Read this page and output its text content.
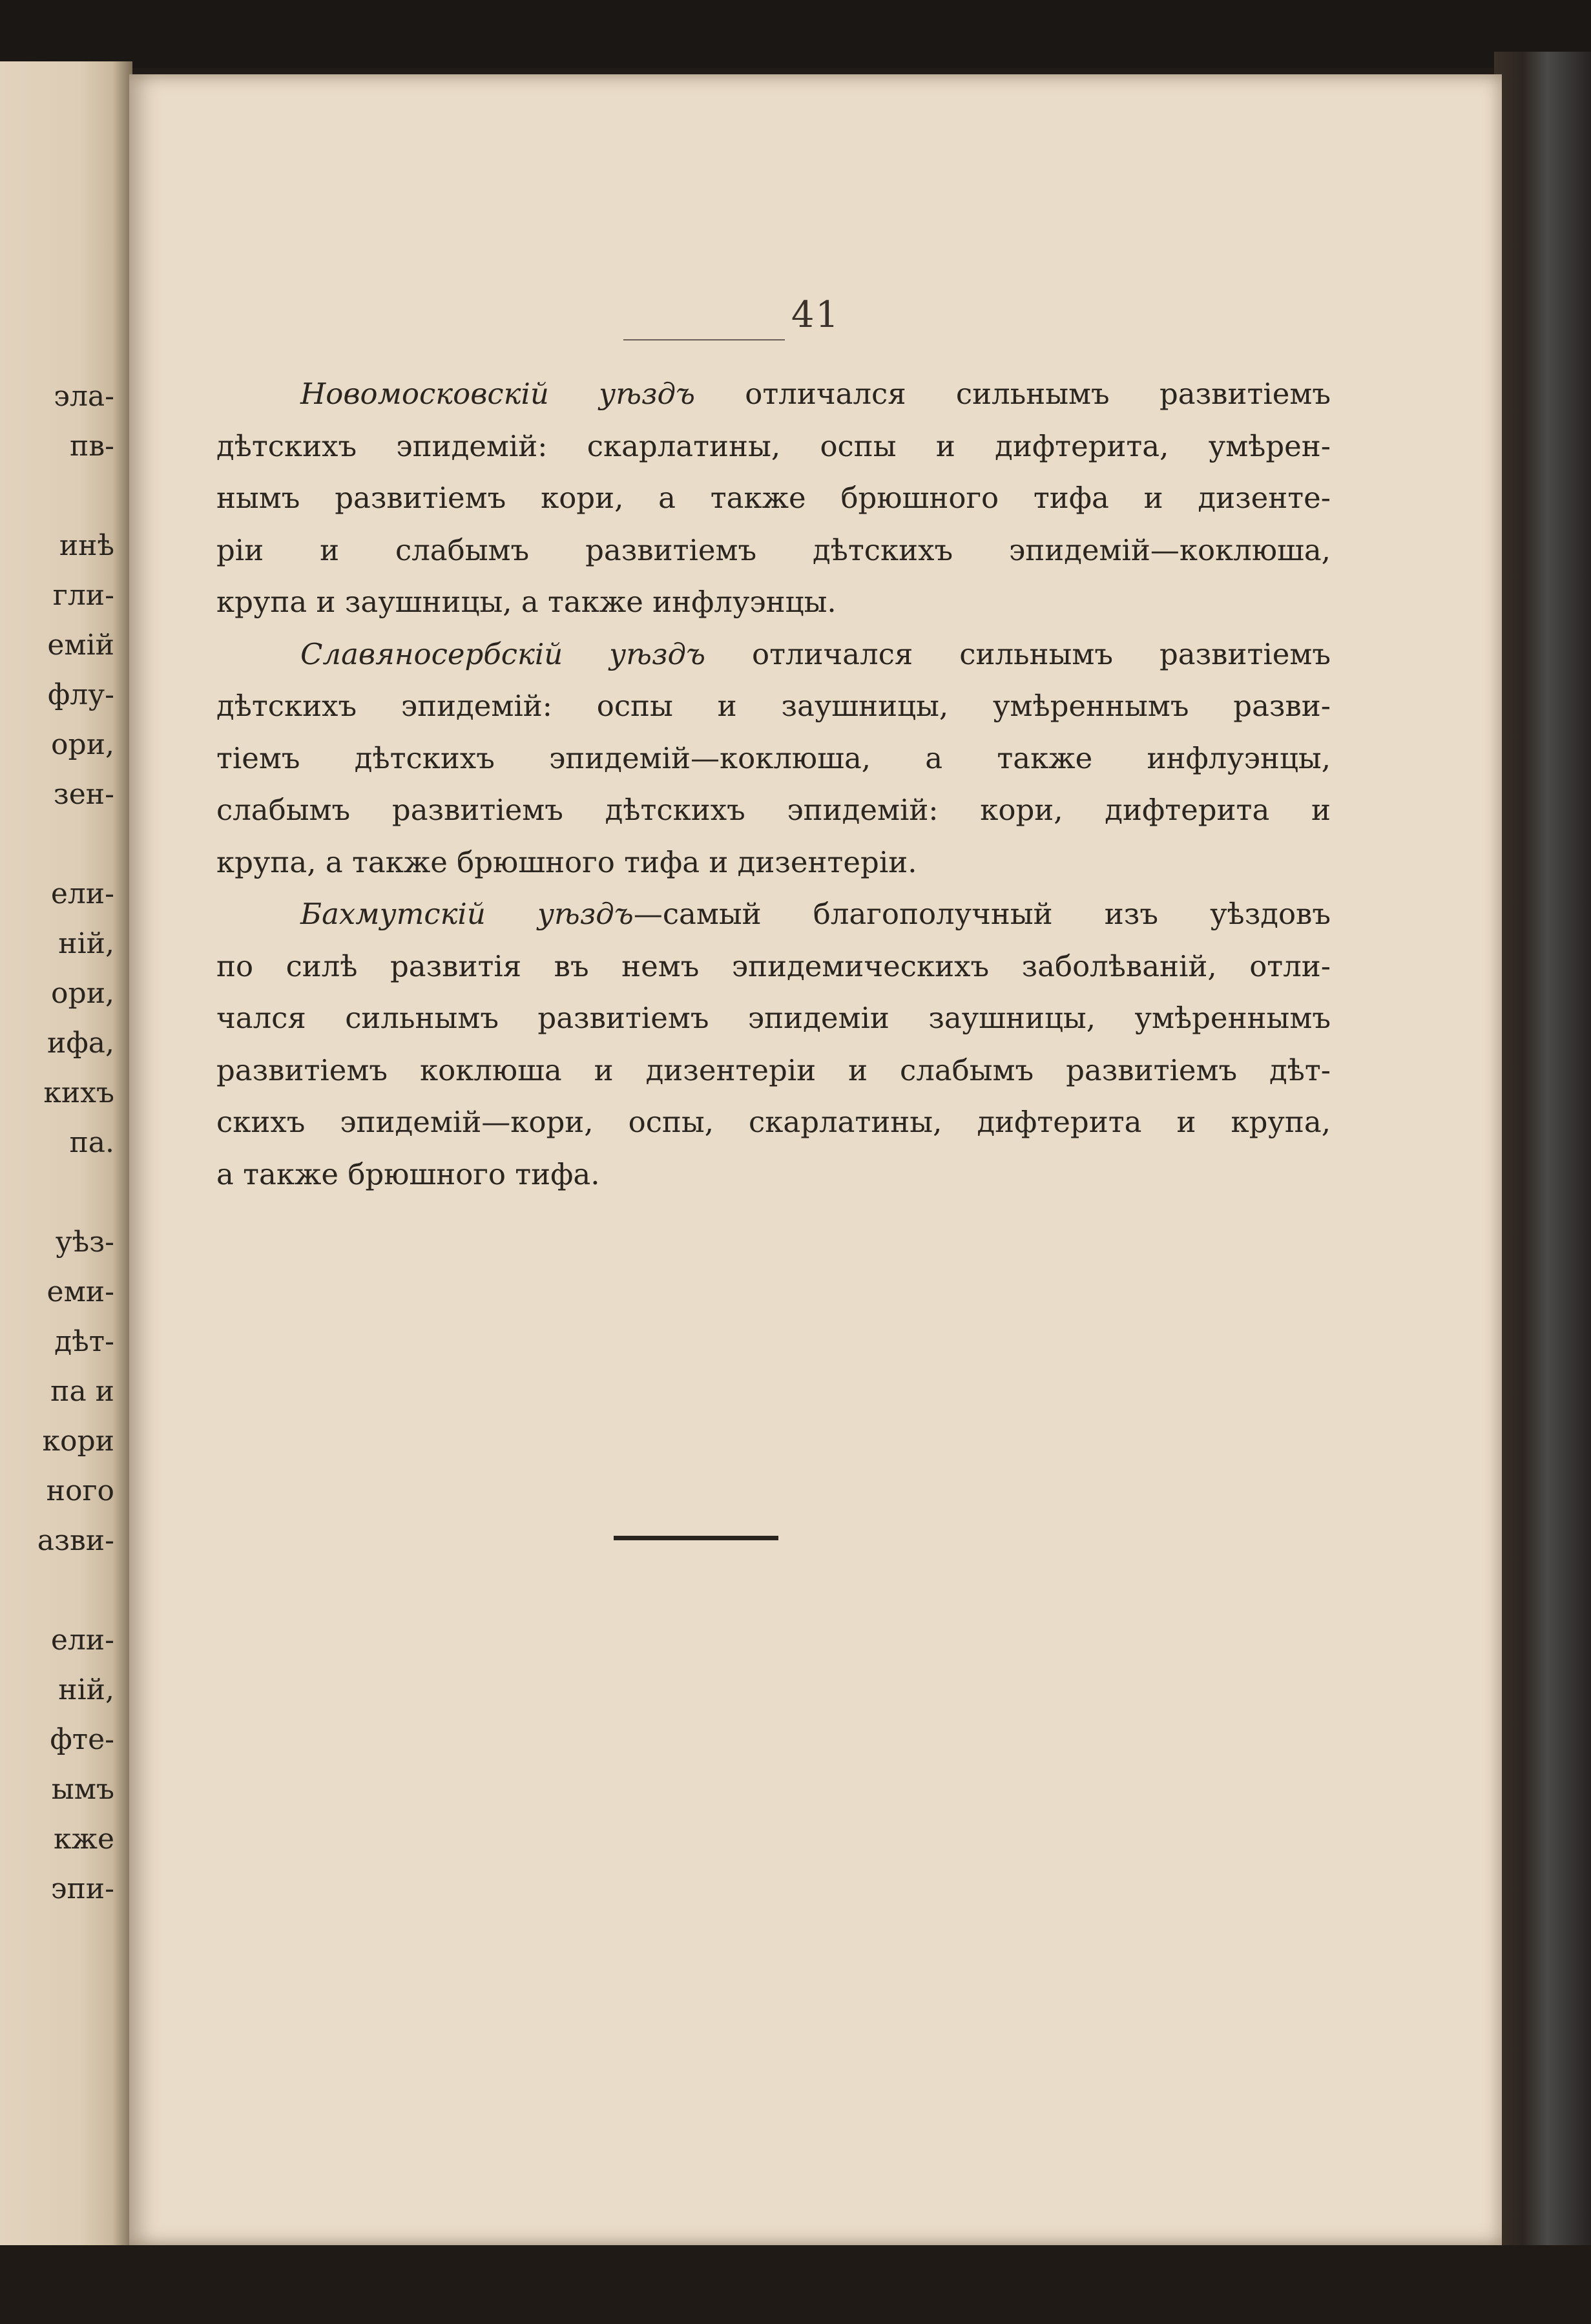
эла-
пв-
инѣ
гли-
емій
флу-
ори,
зен-
ели-
ній,
ори,
ифа,
кихъ
па.
уѣз-
еми-
дѣт-
па и
кори
ного
азви-
ели-
ній,
фте-
ымъ
кже
эпи-
41
Новомосковскій уѣздъ отличался сильнымъ развитіемъ
дѣтскихъ эпидемій: скарлатины, оспы и дифтерита, умѣрен-
нымъ развитіемъ кори, а также брюшного тифа и дизенте-
ріи и слабымъ развитіемъ дѣтскихъ эпидемій—коклюша,
крупа и заушницы, а также инфлуэнцы.
Славяносербскій уѣздъ отличался сильнымъ развитіемъ
дѣтскихъ эпидемій: оспы и заушницы, умѣреннымъ разви-
тіемъ дѣтскихъ эпидемій—коклюша, а также инфлуэнцы,
слабымъ развитіемъ дѣтскихъ эпидемій: кори, дифтерита и
крупа, а также брюшного тифа и дизентеріи.
Бахмутскій уѣздъ—самый благополучный изъ уѣздовъ
по силѣ развитія въ немъ эпидемическихъ заболѣваній, отли-
чался сильнымъ развитіемъ эпидеміи заушницы, умѣреннымъ
развитіемъ коклюша и дизентеріи и слабымъ развитіемъ дѣт-
скихъ эпидемій—кори, оспы, скарлатины, дифтерита и крупа,
а также брюшного тифа.
